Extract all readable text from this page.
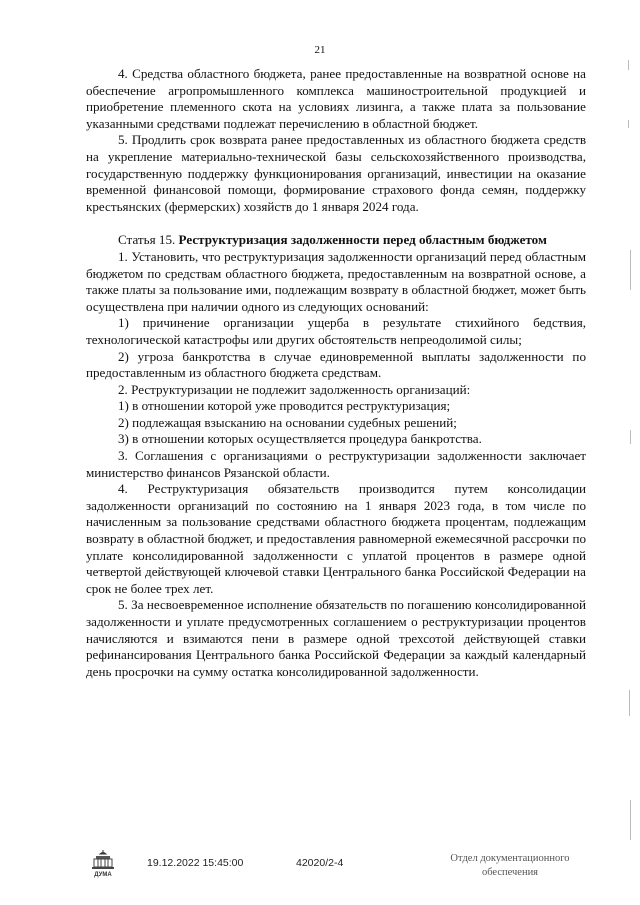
21

4. Средства областного бюджета, ранее предоставленные на возвратной основе на обеспечение агропромышленного комплекса машиностроительной продукцией и приобретение племенного скота на условиях лизинга, а также плата за пользование указанными средствами подлежат перечислению в областной бюджет.

5. Продлить срок возврата ранее предоставленных из областного бюджета средств на укрепление материально-технической базы сельскохозяйственного производства, государственную поддержку функционирования организаций, инвестиции на оказание временной финансовой помощи, формирование страхового фонда семян, поддержку крестьянских (фермерских) хозяйств до 1 января 2024 года.

Статья 15. Реструктуризация задолженности перед областным бюджетом

1. Установить, что реструктуризация задолженности организаций перед областным бюджетом по средствам областного бюджета, предоставленным на возвратной основе, а также платы за пользование ими, подлежащим возврату в областной бюджет, может быть осуществлена при наличии одного из следующих оснований:

1) причинение организации ущерба в результате стихийного бедствия, технологической катастрофы или других обстоятельств непреодолимой силы;

2) угроза банкротства в случае единовременной выплаты задолженности по предоставленным из областного бюджета средствам.

2. Реструктуризации не подлежит задолженность организаций:

1) в отношении которой уже проводится реструктуризация;

2) подлежащая взысканию на основании судебных решений;

3) в отношении которых осуществляется процедура банкротства.

3. Соглашения с организациями о реструктуризации задолженности заключает министерство финансов Рязанской области.

4. Реструктуризация обязательств производится путем консолидации задолженности организаций по состоянию на 1 января 2023 года, в том числе по начисленным за пользование средствами областного бюджета процентам, подлежащим возврату в областной бюджет, и предоставления равномерной ежемесячной рассрочки по уплате консолидированной задолженности с уплатой процентов в размере одной четвертой действующей ключевой ставки Центрального банка Российской Федерации на срок не более трех лет.

5. За несвоевременное исполнение обязательств по погашению консолидированной задолженности и уплате предусмотренных соглашением о реструктуризации процентов начисляются и взимаются пени в размере одной трехсотой действующей ставки рефинансирования Центрального банка Российской Федерации за каждый календарный день просрочки на сумму остатка консолидированной задолженности.

ДУМА
19.12.2022 15:45:00	42020/2-4	Отдел документационного
обеспечения
